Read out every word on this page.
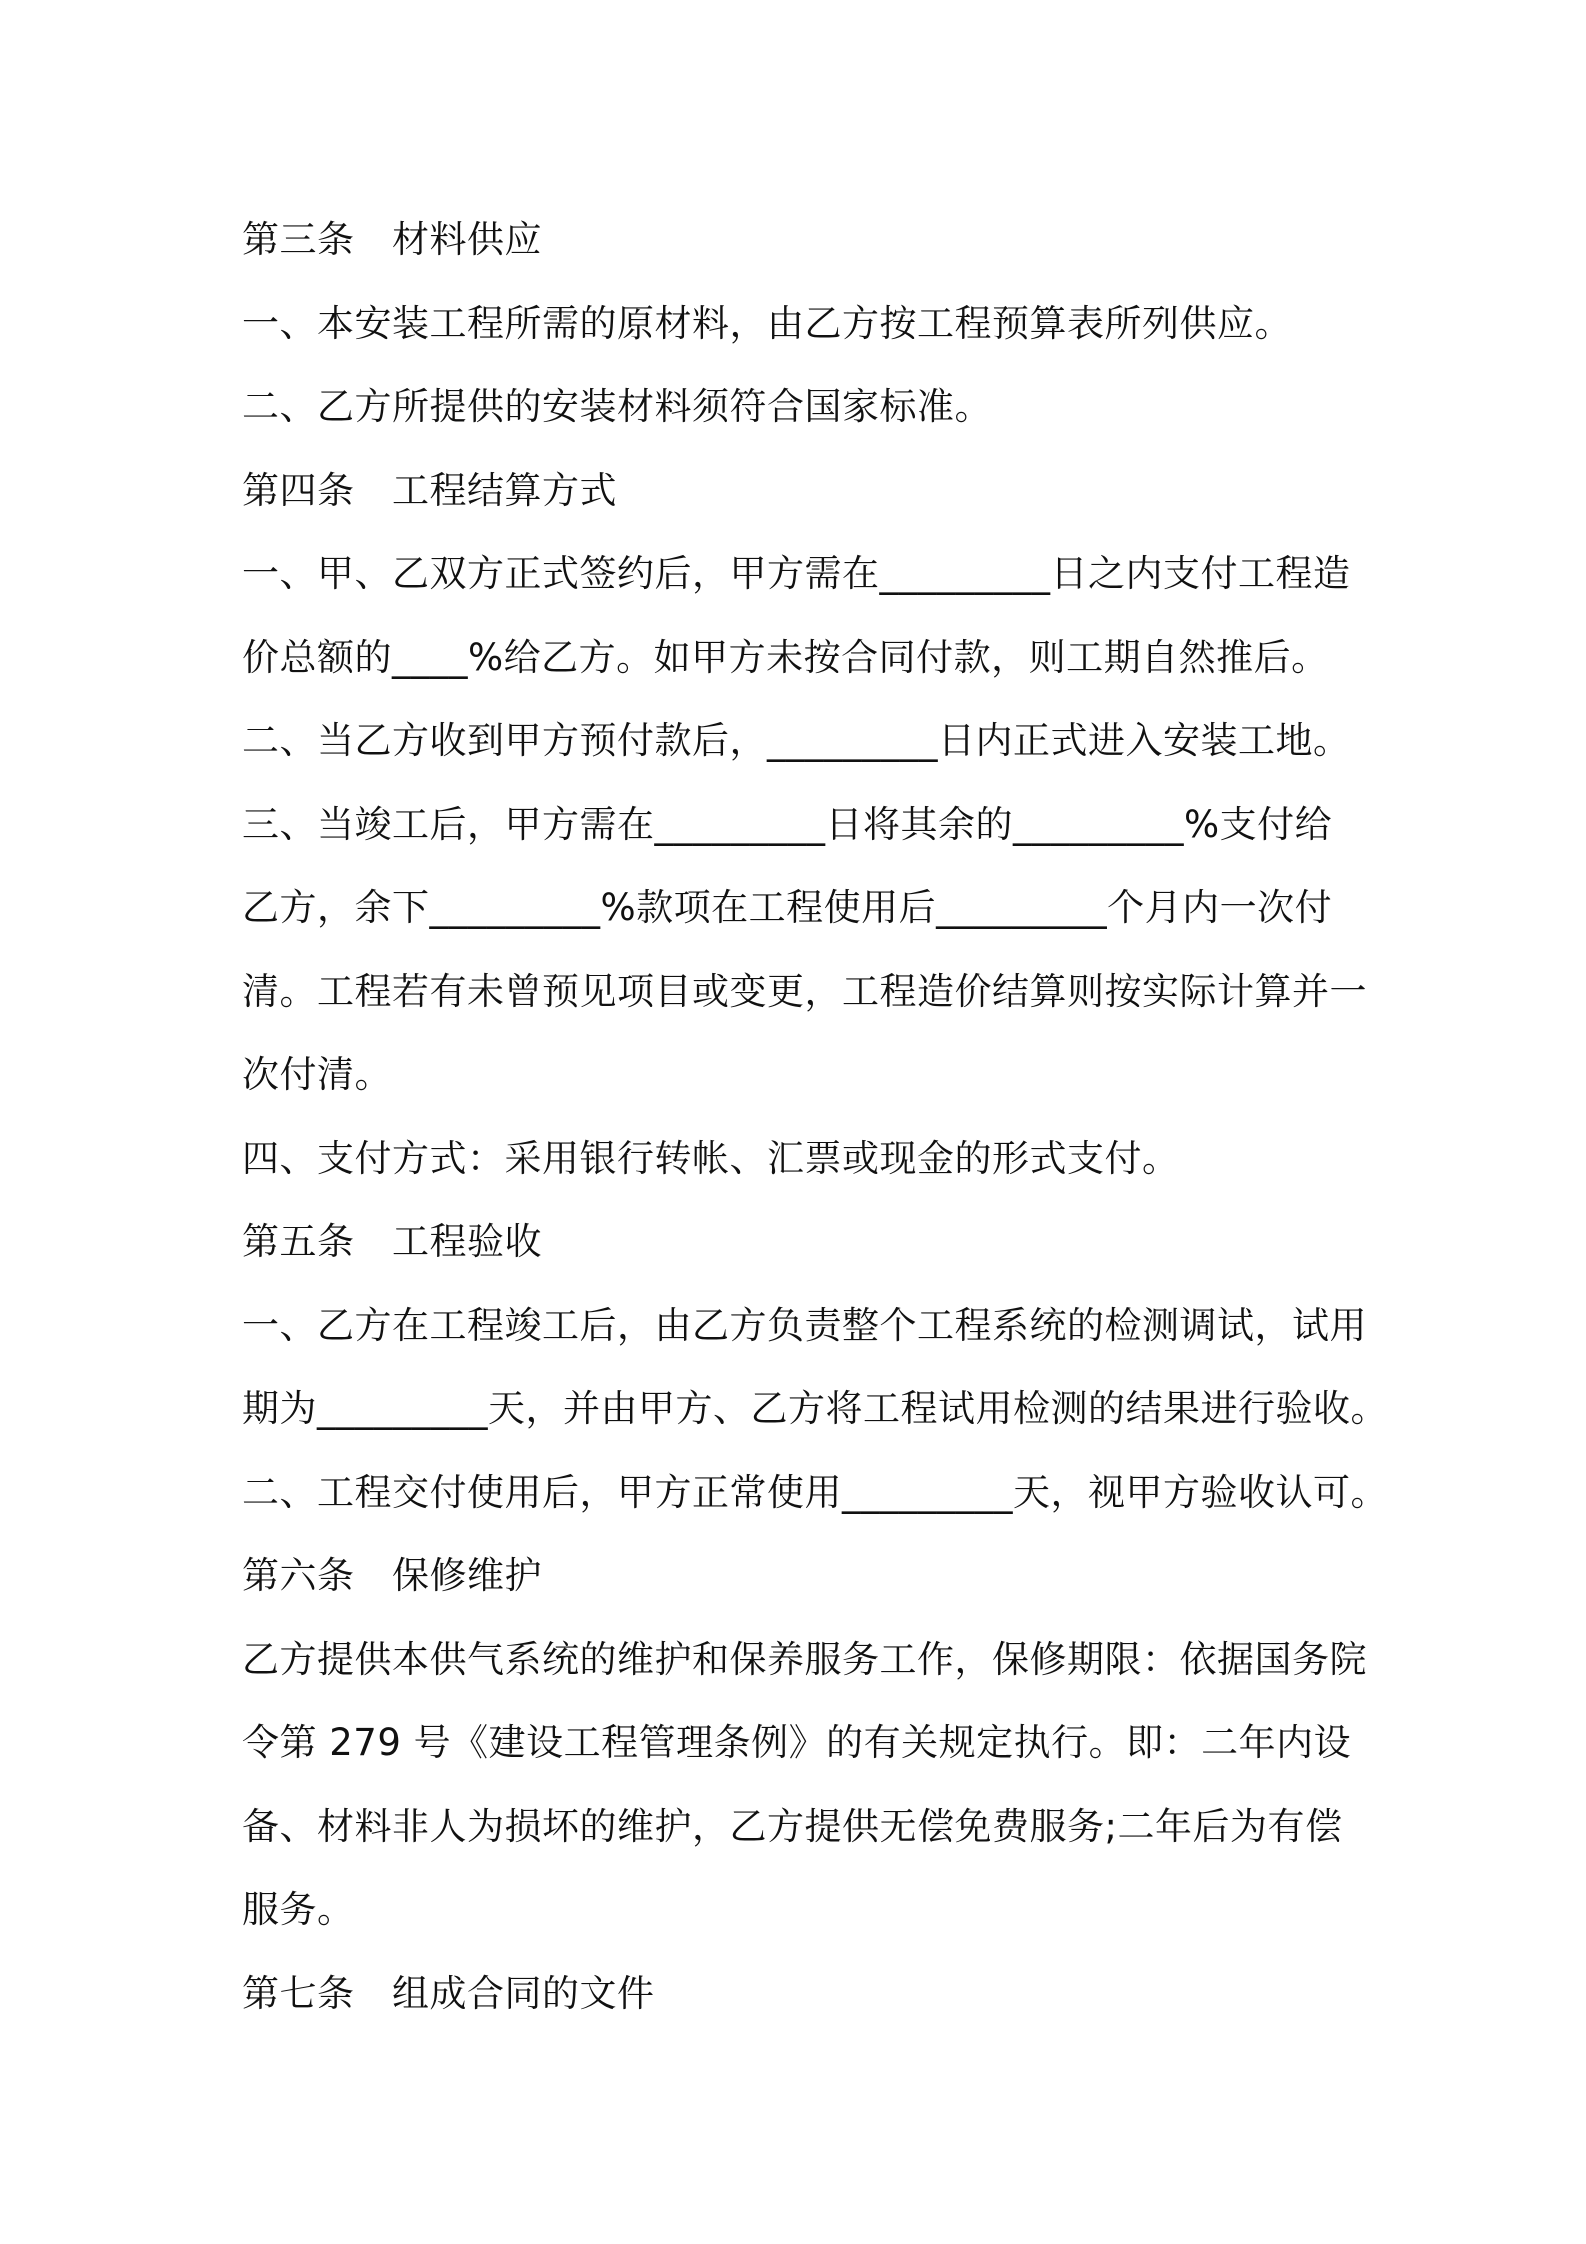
第三条　材料供应
一、本安装工程所需的原材料，由乙方按工程预算表所列供应。
二、乙方所提供的安装材料须符合国家标准。
第四条　工程结算方式
一、甲、乙双方正式签约后，甲方需在_________日之内支付工程造
价总额的____%给乙方。如甲方未按合同付款，则工期自然推后。
二、当乙方收到甲方预付款后，_________日内正式进入安装工地。
三、当竣工后，甲方需在_________日将其余的_________%支付给
乙方，余下_________%款项在工程使用后_________个月内一次付
清。工程若有未曾预见项目或变更，工程造价结算则按实际计算并一
次付清。
四、支付方式：采用银行转帐、汇票或现金的形式支付。
第五条　工程验收
一、乙方在工程竣工后，由乙方负责整个工程系统的检测调试，试用
期为_________天，并由甲方、乙方将工程试用检测的结果进行验收。
二、工程交付使用后，甲方正常使用_________天，视甲方验收认可。
第六条　保修维护
乙方提供本供气系统的维护和保养服务工作，保修期限：依据国务院
令第 279 号《建设工程管理条例》的有关规定执行。即：二年内设
备、材料非人为损坏的维护，乙方提供无偿免费服务;二年后为有偿
服务。
第七条　组成合同的文件
